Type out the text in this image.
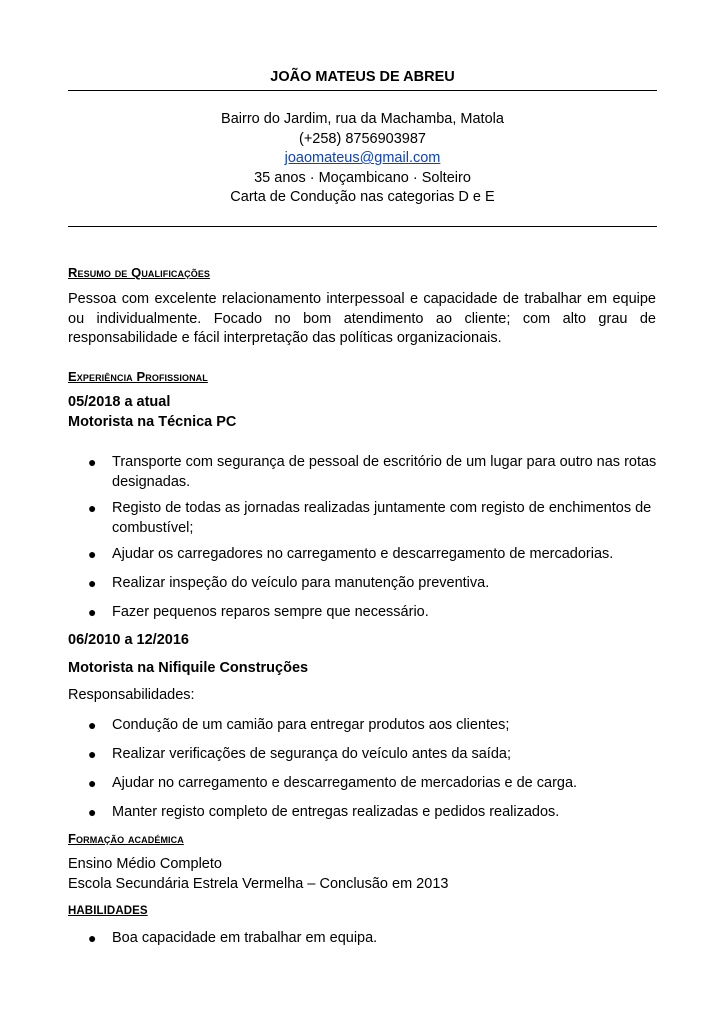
JOÃO MATEUS DE ABREU
Bairro do Jardim, rua da Machamba, Matola
(+258) 8756903987
joaomateus@gmail.com
35 anos · Moçambicano · Solteiro
Carta de Condução nas categorias D e E
Resumo de Qualificações

Pessoa com excelente relacionamento interpessoal e capacidade de trabalhar em equipe ou individualmente. Focado no bom atendimento ao cliente; com alto grau de responsabilidade e fácil interpretação das políticas organizacionais.

Experiência Profissional
05/2018 a atual
Motorista na Técnica PC
● Transporte com segurança de pessoal de escritório de um lugar para outro nas rotas designadas.
● Registo de todas as jornadas realizadas juntamente com registo de enchimentos de combustível;
● Ajudar os carregadores no carregamento e descarregamento de mercadorias.
● Realizar inspeção do veículo para manutenção preventiva.
● Fazer pequenos reparos sempre que necessário.
06/2010 a 12/2016
Motorista na Nifiquile Construções
Responsabilidades:
● Condução de um camião para entregar produtos aos clientes;
● Realizar verificações de segurança do veículo antes da saída;
● Ajudar no carregamento e descarregamento de mercadorias e de carga.
● Manter registo completo de entregas realizadas e pedidos realizados.
Formação académica
Ensino Médio Completo
Escola Secundária Estrela Vermelha – Conclusão em 2013
HABILIDADES
● Boa capacidade em trabalhar em equipa.
